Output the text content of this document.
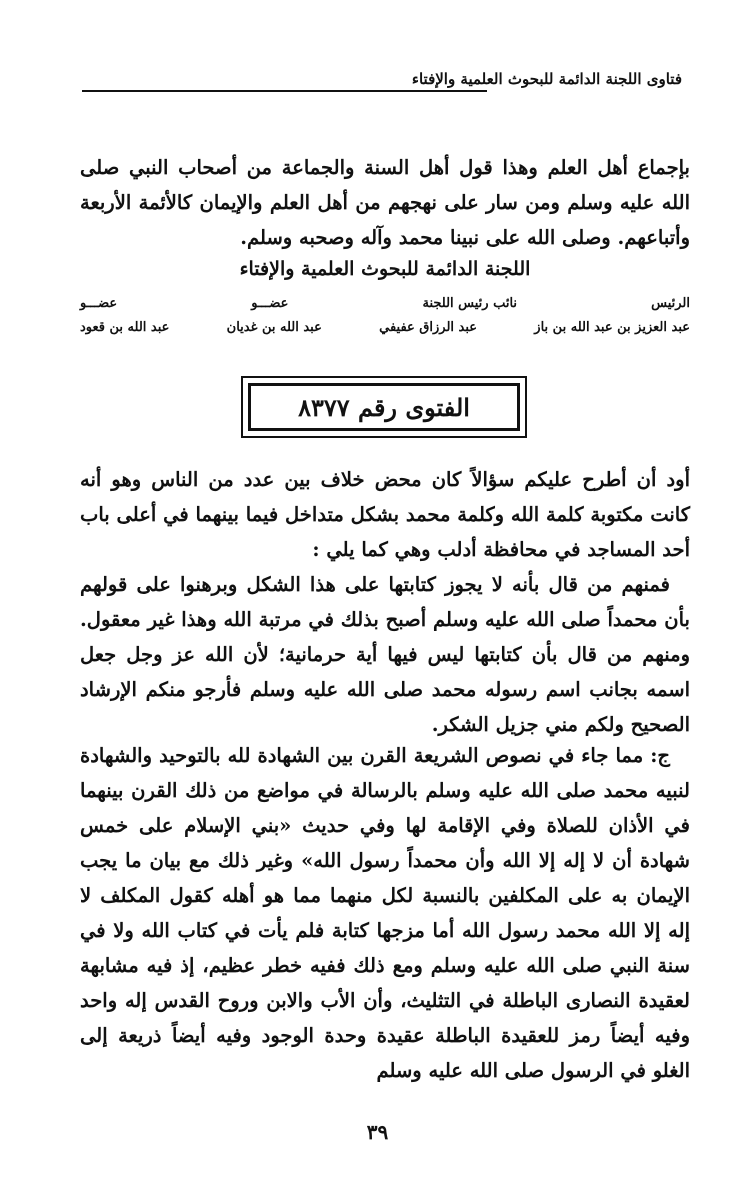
فتاوى اللجنة الدائمة للبحوث العلمية والإفتاء
بإجماع أهل العلم وهذا قول أهل السنة والجماعة من أصحاب النبي صلى الله عليه وسلم ومن سار على نهجهم من أهل العلم والإيمان كالأئمة الأربعة وأتباعهم. وصلى الله على نبينا محمد وآله وصحبه وسلم.
اللجنة الدائمة للبحوث العلمية والإفتاء
الرئيس
نائب رئيس اللجنة
عضـــو
عضـــو
عبد العزيز بن عبد الله بن باز
عبد الرزاق عفيفي
عبد الله بن غديان
عبد الله بن قعود
الفتوى رقم ٨٣٧٧

أود أن أطرح عليكم سؤالاً كان محض خلاف بين عدد من الناس وهو أنه كانت مكتوبة كلمة الله وكلمة محمد بشكل متداخل فيما بينهما في أعلى باب أحد المساجد في محافظة أدلب وهي كما يلي :

فمنهم من قال بأنه لا يجوز كتابتها على هذا الشكل وبرهنوا على قولهم بأن محمداً صلى الله عليه وسلم أصبح بذلك في مرتبة الله وهذا غير معقول. ومنهم من قال بأن كتابتها ليس فيها أية حرمانية؛ لأن الله عز وجل جعل اسمه بجانب اسم رسوله محمد صلى الله عليه وسلم فأرجو منكم الإرشاد الصحيح ولكم مني جزيل الشكر.

ج: مما جاء في نصوص الشريعة القرن بين الشهادة لله بالتوحيد والشهادة لنبيه محمد صلى الله عليه وسلم بالرسالة في مواضع من ذلك القرن بينهما في الأذان للصلاة وفي الإقامة لها وفي حديث «بني الإسلام على خمس شهادة أن لا إله إلا الله وأن محمداً رسول الله» وغير ذلك مع بيان ما يجب الإيمان به على المكلفين بالنسبة لكل منهما مما هو أهله كقول المكلف لا إله إلا الله محمد رسول الله أما مزجها كتابة فلم يأت في كتاب الله ولا في سنة النبي صلى الله عليه وسلم ومع ذلك ففيه خطر عظيم، إذ فيه مشابهة لعقيدة النصارى الباطلة في التثليث، وأن الأب والابن وروح القدس إله واحد وفيه أيضاً رمز للعقيدة الباطلة عقيدة وحدة الوجود وفيه أيضاً ذريعة إلى الغلو في الرسول صلى الله عليه وسلم
٣٩
